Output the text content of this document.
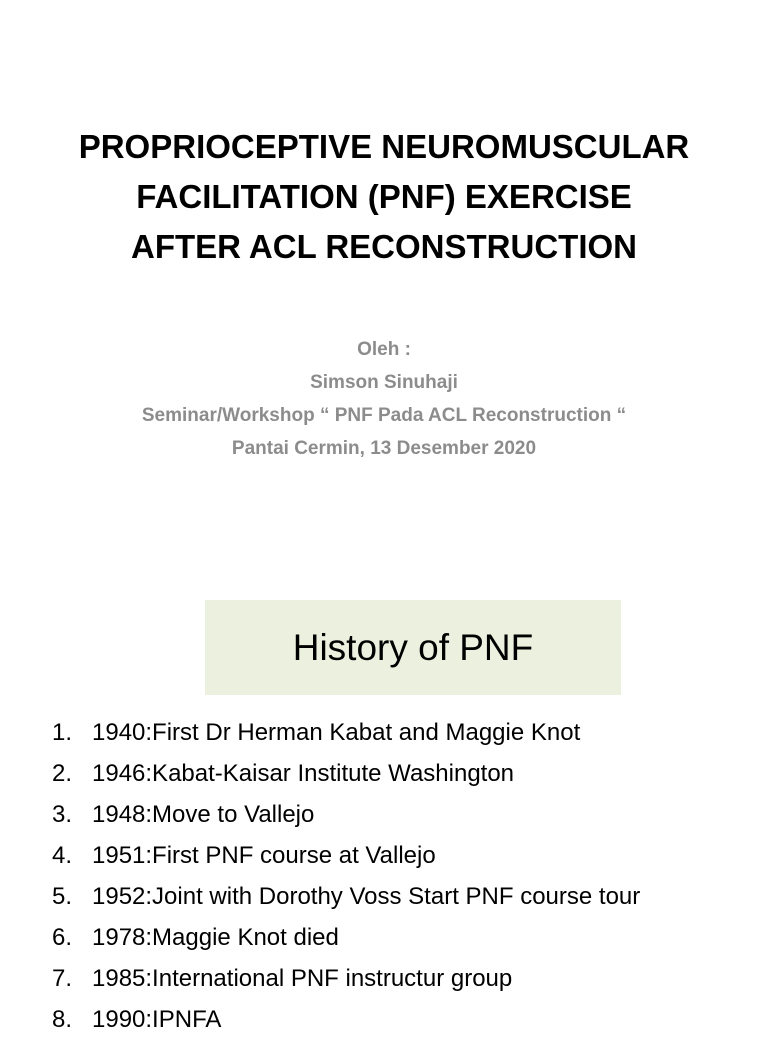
PROPRIOCEPTIVE NEUROMUSCULAR
FACILITATION (PNF) EXERCISE
AFTER ACL RECONSTRUCTION
Oleh :
Simson Sinuhaji
Seminar/Workshop “ PNF Pada ACL Reconstruction “
Pantai Cermin, 13 Desember 2020
History of PNF
1. 1940:First Dr Herman Kabat and Maggie Knot
2. 1946:Kabat-Kaisar Institute Washington
3. 1948:Move to Vallejo
4. 1951:First PNF course at Vallejo
5. 1952:Joint with Dorothy Voss Start PNF course tour
6. 1978:Maggie Knot died
7. 1985:International PNF instructur group
8. 1990:IPNFA
